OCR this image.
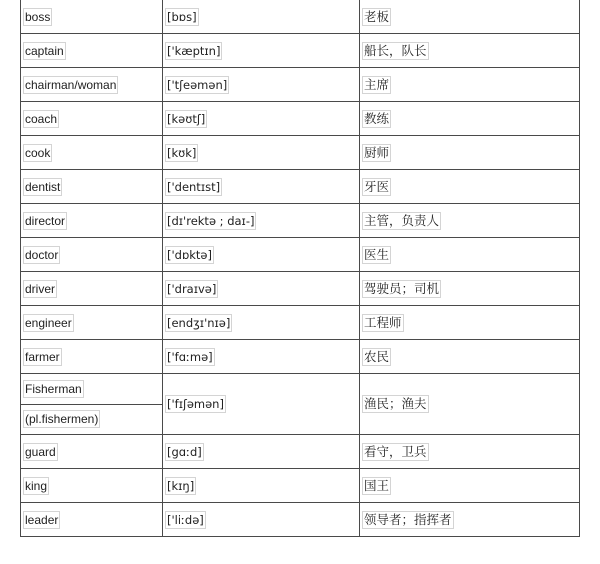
boss	[bɒs]	老板
captain	['kæptɪn]	船长，队长
chairman/woman	['tʃeəmən]	主席
coach	[kəʊtʃ]	教练
cook	[kʊk]	厨师
dentist	['dentɪst]	牙医
director	[dɪ'rektə ; daɪ-]	主管，负责人
doctor	['dɒktə]	医生
driver	['draɪvə]	驾驶员；司机
engineer	[endʒɪ'nɪə]	工程师
farmer	['fɑːmə]	农民

Fisherman
(pl.fishermen)	['fɪʃəmən]	渔民；渔夫
guard	[gɑːd]	看守，卫兵
king	[kɪŋ]	国王
leader	['liːdə]	领导者；指挥者
